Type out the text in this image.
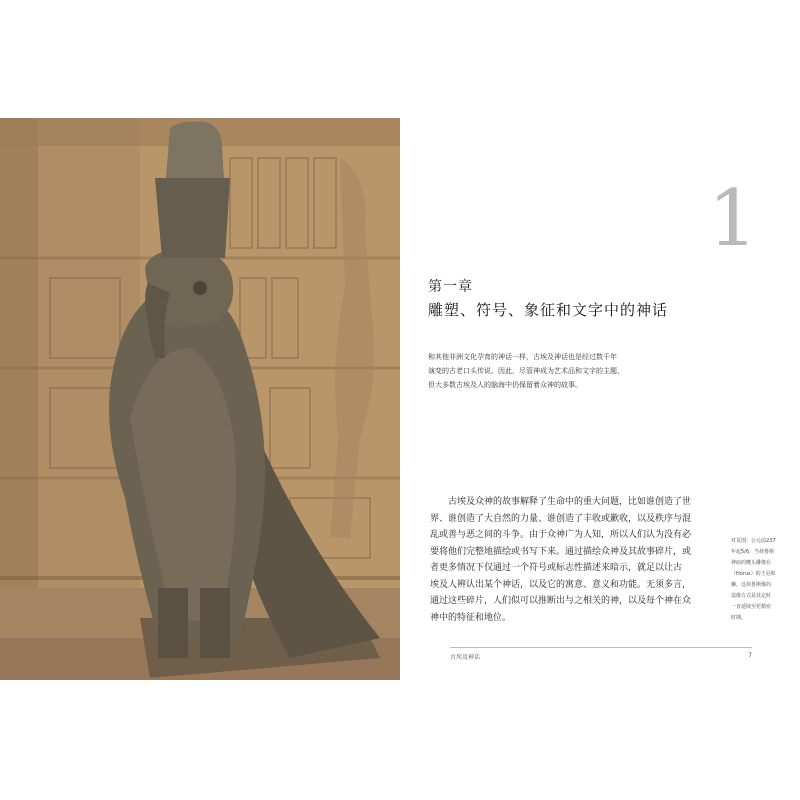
1
第一章
雕塑、符号、象征和文字中的神话

和其他非洲文化孕育的神话一样，古埃及神话也是经过数千年

演变的古老口头传说。因此，尽管神成为艺术品和文字的主题，

但大多数古埃及人的脑海中仍保留着众神的故事。

古埃及众神的故事解释了生命中的重大问题，比如谁创造了世

界、谁创造了大自然的力量、谁创造了丰收或歉收，以及秩序与混

乱或善与恶之间的斗争。由于众神广为人知，所以人们认为没有必

要将他们完整地描绘或书写下来。通过描绘众神及其故事碎片，或

者更多情况下仅通过一个符号或标志性描述来暗示，就足以让古

埃及人辨认出某个神话，以及它的寓意、意义和功能。无须多言，

通过这些碎片，人们似可以推断出与之相关的神，以及每个神在众

神中的特征和地位。

对页图：公元前237

年起5/6，当荷鲁斯

神庙的鹰头雕像在

（Horus）的王冠和

狮，这荷鲁斯像的

造像方式是其定时

一直延续至托勒密

时期。

古埃及神话	7
